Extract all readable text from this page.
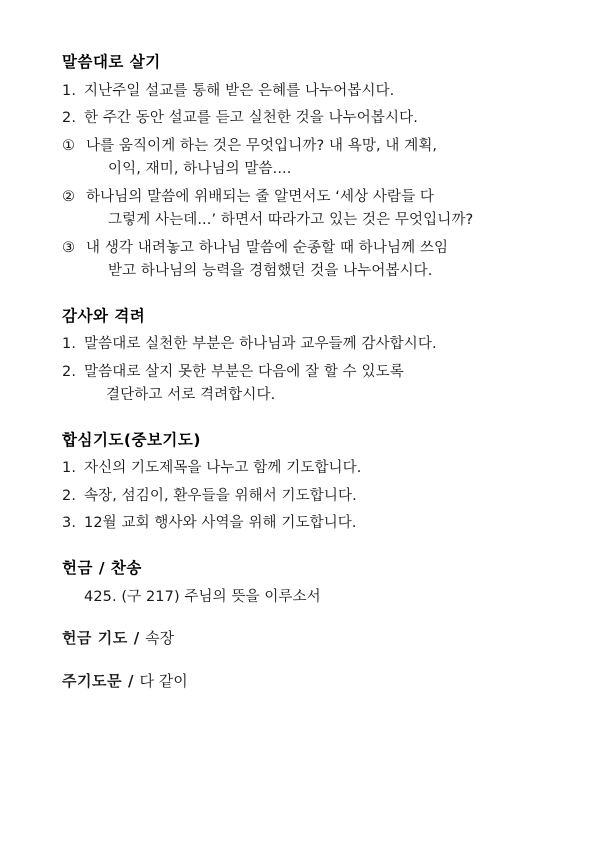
말씀대로 살기
1. 지난주일 설교를 통해 받은 은혜를 나누어봅시다.
2. 한 주간 동안 설교를 듣고 실천한 것을 나누어봅시다.
① 나를 움직이게 하는 것은 무엇입니까? 내 욕망, 내 계획,
이익, 재미, 하나님의 말씀....
② 하나님의 말씀에 위배되는 줄 알면서도 ‘세상 사람들 다
그렇게 사는데...’ 하면서 따라가고 있는 것은 무엇입니까?
③ 내 생각 내려놓고 하나님 말씀에 순종할 때 하나님께 쓰임
받고 하나님의 능력을 경험했던 것을 나누어봅시다.
감사와 격려
1. 말씀대로 실천한 부분은 하나님과 교우들께 감사합시다.
2. 말씀대로 살지 못한 부분은 다음에 잘 할 수 있도록
결단하고 서로 격려합시다.
합심기도(중보기도)
1. 자신의 기도제목을 나누고 함께 기도합니다.
2. 속장, 섬김이, 환우들을 위해서 기도합니다.
3. 12월 교회 행사와 사역을 위해 기도합니다.
헌금 / 찬송
425. (구 217) 주님의 뜻을 이루소서
헌금 기도 / 속장
주기도문 / 다 같이
